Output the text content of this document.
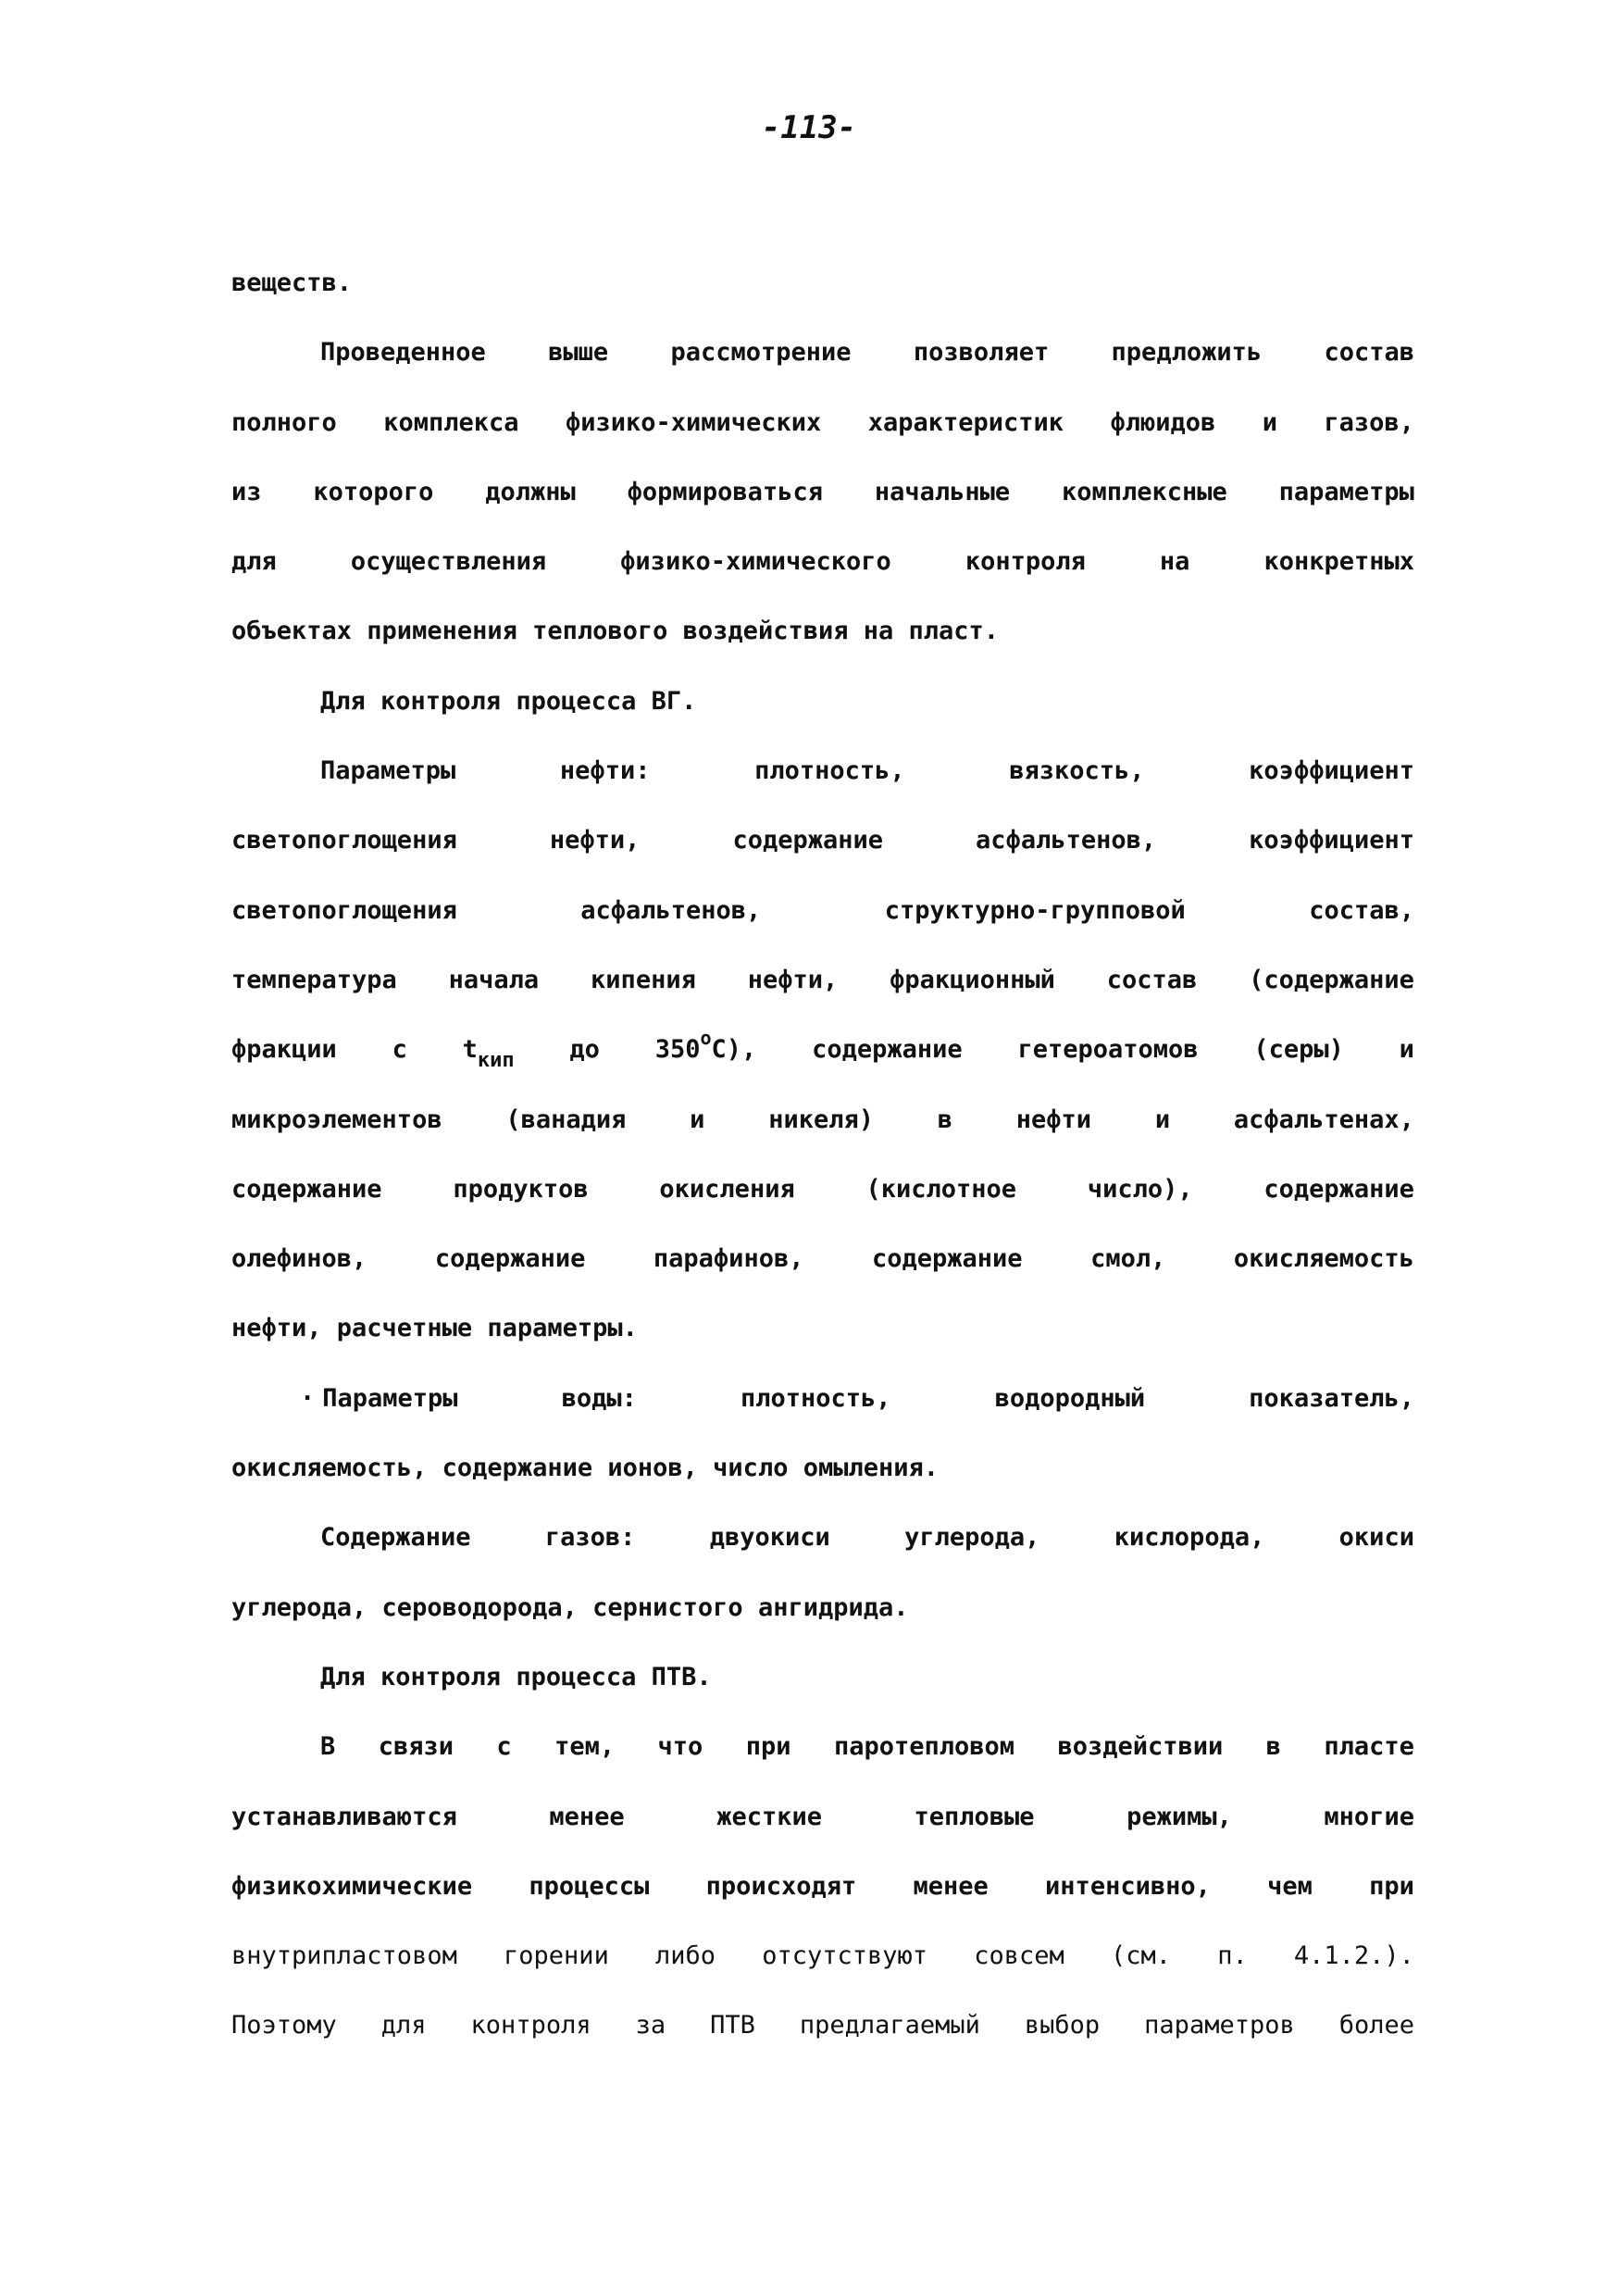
-113-
веществ.
Проведенное выше рассмотрение позволяет предложить состав
полного комплекса физико-химических характеристик флюидов и газов,
из которого должны формироваться начальные комплексные параметры
для	осуществления	физико-химического	контроля	на	конкретных
объектах применения теплового воздействия на пласт.
Для контроля процесса ВГ.
Параметры	нефти:	плотность,	вязкость,	коэффициент
светопоглощения	нефти,	содержание	асфальтенов,	коэффициент
светопоглощения	асфальтенов,	структурно-групповой	состав,
температура начала кипения нефти, фракционный состав (содержание
фракции с $t_{кип}$ до 350$^o$C), содержание гетероатомов (серы) и
микроэлементов	(ванадия	и	никеля)	в	нефти	и	асфальтенах,
содержание	продуктов	окисления	(кислотное	число),	содержание
олефинов,	содержание	парафинов,	содержание	смол,	окисляемость
нефти, расчетные параметры.
· Параметры	воды:	плотность,	водородный	показатель,
окисляемость, содержание ионов, число омыления.
Содержание	газов:	двуокиси	углерода,	кислорода,	окиси
углерода, сероводорода, сернистого ангидрида.
Для контроля процесса ПТВ.
В связи с тем, что при паротепловом воздействии в пласте
устанавливаются	менее	жесткие	тепловые	режимы,	многие
физикохимические процессы происходят менее интенсивно, чем при
внутрипластовом горении либо отсутствуют совсем (см. п. 4.1.2.).
Поэтому для контроля за ПТВ предлагаемый выбор параметров более
